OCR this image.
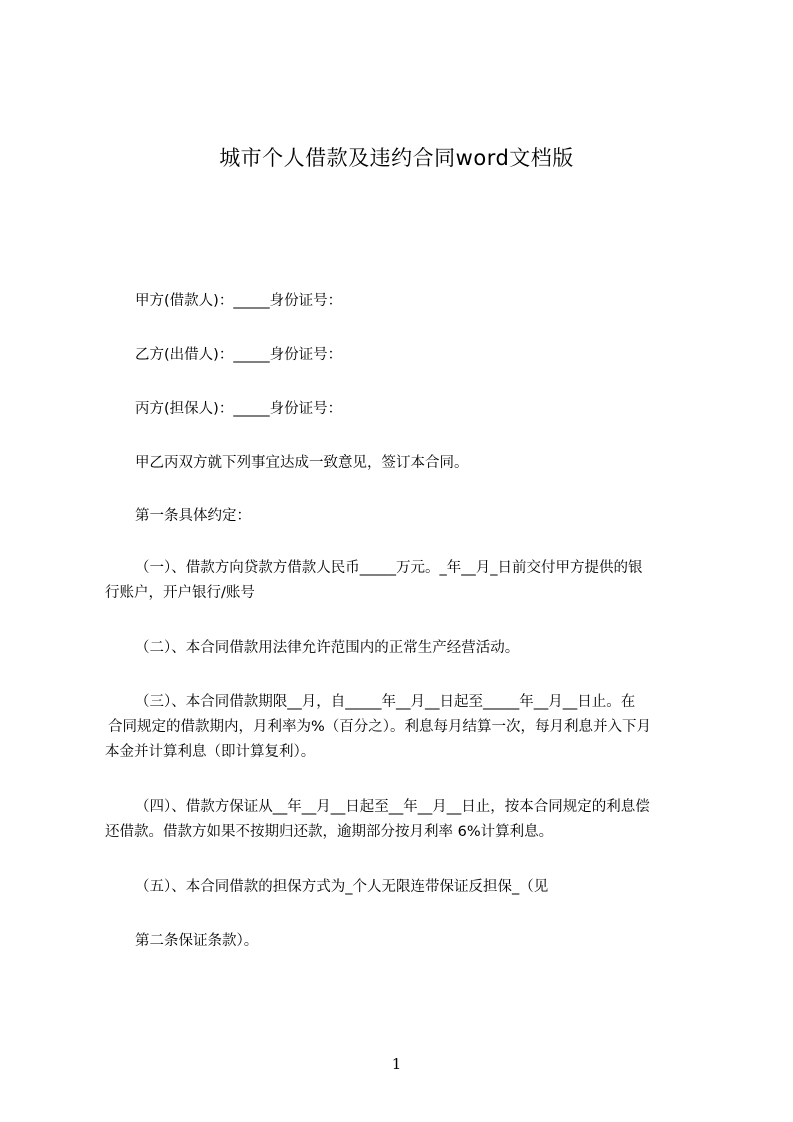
城市个人借款及违约合同word文档版
甲方(借款人)：_____身份证号：
乙方(出借人)：_____身份证号：
丙方(担保人)：_____身份证号：
甲乙丙双方就下列事宜达成一致意见，签订本合同。
第一条具体约定：
（一）、借款方向贷款方借款人民币_____万元。_年__月_日前交付甲方提供的银
行账户，开户银行/账号
（二）、本合同借款用法律允许范围内的正常生产经营活动。
（三）、本合同借款期限__月，自_____年__月__日起至_____年__月__日止。在
合同规定的借款期内，月利率为%（百分之）。利息每月结算一次，每月利息并入下月
本金并计算利息（即计算复利）。
（四）、借款方保证从__年__月__日起至__年__月__日止，按本合同规定的利息偿
还借款。借款方如果不按期归还款，逾期部分按月利率 6%计算利息。
（五）、本合同借款的担保方式为_个人无限连带保证反担保_（见
第二条保证条款）。
1
